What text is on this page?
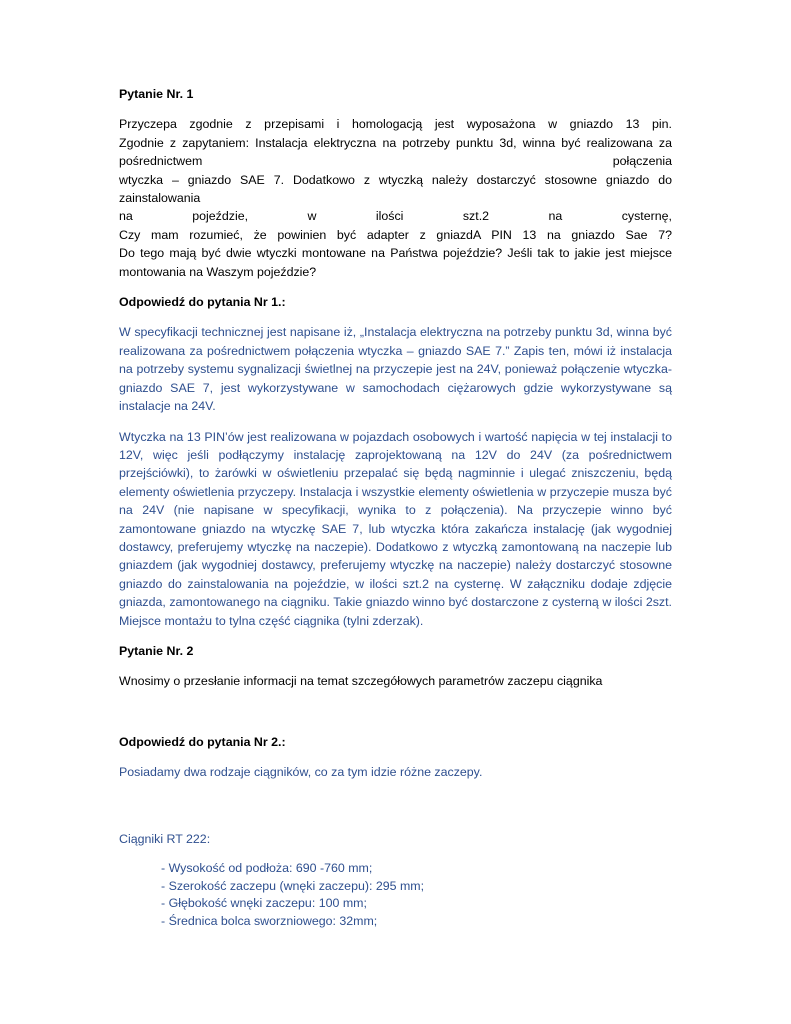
Pytanie Nr. 1
Przyczepa zgodnie z przepisami i homologacją jest wyposażona w gniazdo 13 pin.
Zgodnie z zapytaniem: Instalacja elektryczna na potrzeby punktu 3d, winna być realizowana za
pośrednictwem	połączenia
wtyczka – gniazdo SAE 7. Dodatkowo z wtyczką należy dostarczyć stosowne gniazdo do
zainstalowania
na pojeździe, w ilości szt.2 na cysternę,
Czy mam rozumieć, że powinien być adapter z gniazdA PIN 13 na gniazdo Sae 7?
Do tego mają być dwie wtyczki montowane na Państwa pojeździe? Jeśli tak to jakie jest miejsce
montowania na Waszym pojeździe?
Odpowiedź do pytania Nr 1.:
W specyfikacji technicznej jest napisane iż, „Instalacja elektryczna na potrzeby punktu 3d, winna być realizowana za pośrednictwem połączenia wtyczka – gniazdo SAE 7.” Zapis ten, mówi iż instalacja na potrzeby systemu sygnalizacji świetlnej na przyczepie jest na 24V, ponieważ połączenie wtyczka-gniazdo SAE 7, jest wykorzystywane w samochodach ciężarowych gdzie wykorzystywane są instalacje na 24V.
Wtyczka na 13 PIN’ów jest realizowana w pojazdach osobowych i wartość napięcia w tej instalacji to 12V, więc jeśli podłączymy instalację zaprojektowaną na 12V do 24V (za pośrednictwem przejściówki), to żarówki w oświetleniu przepalać się będą nagminnie i ulegać zniszczeniu, będą elementy oświetlenia przyczepy. Instalacja i wszystkie elementy oświetlenia w przyczepie musza być na 24V (nie napisane w specyfikacji, wynika to z połączenia). Na przyczepie winno być zamontowane gniazdo na wtyczkę SAE 7, lub wtyczka która zakańcza instalację (jak wygodniej dostawcy, preferujemy wtyczkę na naczepie). Dodatkowo z wtyczką zamontowaną na naczepie lub gniazdem (jak wygodniej dostawcy, preferujemy wtyczkę na naczepie) należy dostarczyć stosowne gniazdo do zainstalowania na pojeździe, w ilości szt.2 na cysternę. W załączniku dodaje zdjęcie gniazda, zamontowanego na ciągniku. Takie gniazdo winno być dostarczone z cysterną w ilości 2szt. Miejsce montażu to tylna część ciągnika (tylni zderzak).
Pytanie Nr. 2
Wnosimy o przesłanie informacji na temat szczegółowych parametrów zaczepu ciągnika
Odpowiedź do pytania Nr 2.:
Posiadamy dwa rodzaje ciągników, co za tym idzie różne zaczepy.
Ciągniki RT 222:
- Wysokość od podłoża: 690 -760 mm;
- Szerokość zaczepu (wnęki zaczepu): 295 mm;
- Głębokość wnęki zaczepu: 100 mm;
- Średnica bolca sworzniowego: 32mm;
